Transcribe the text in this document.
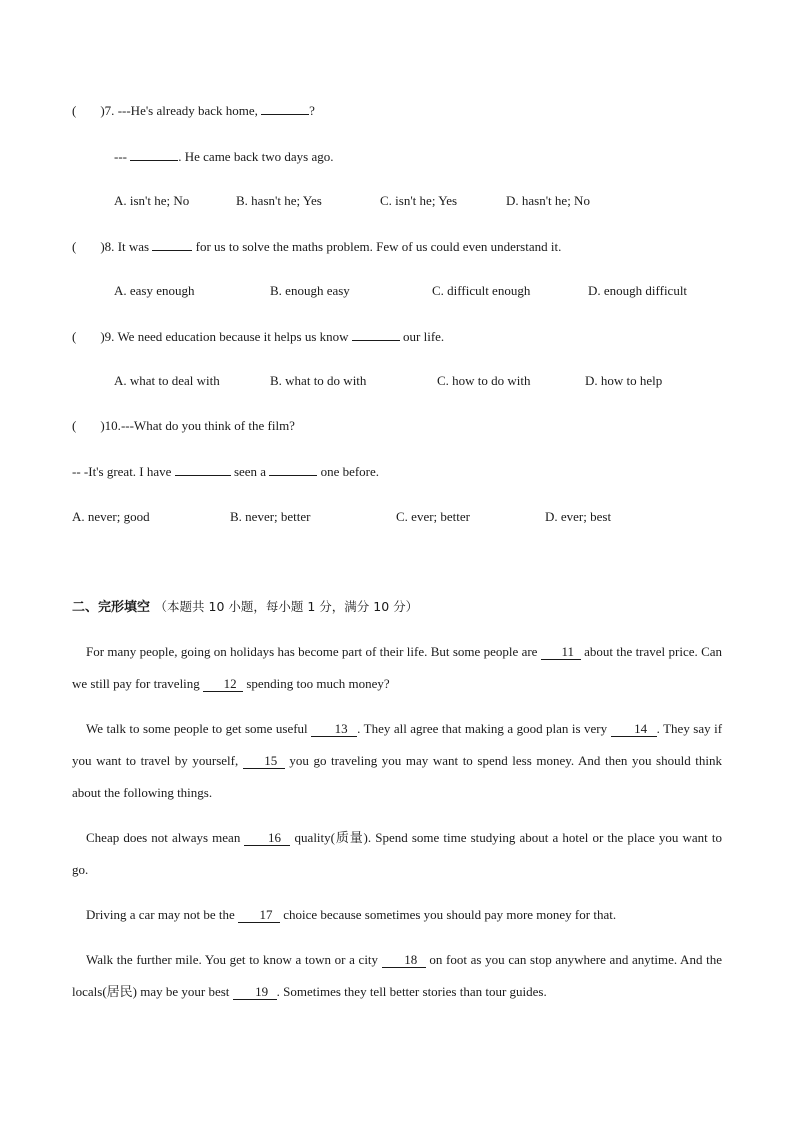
( )7. ---He's already back home,	?
---	. He came back two days ago.
A. isn't he; No	B. hasn't he; Yes	C. isn't he; Yes	D. hasn't he; No
( )8. It was	for us to solve the maths problem. Few of us could even understand it.
A. easy enough	B. enough easy	C. difficult enough	D. enough difficult
( )9. We need education because it helps us know	our life.
A. what to deal with	B. what to do with	C. how to do with	D. how to help
( )10.---What do you think of the film?
-- -It's great. I have	seen a	one before.
A. never; good	B. never; better	C. ever; better	D. ever; best
二、完形填空 （本题共 10 小题，每小题 1 分，满分 10 分）
For many people, going on holidays has become part of their life. But some people are 11 about the travel price. Can we still pay for traveling 12 spending too much money?
We talk to some people to get some useful 13 . They all agree that making a good plan is very 14 . They say if you want to travel by yourself, 15 you go traveling you may want to spend less money. And then you should think about the following things.
Cheap does not always mean 16 quality(质量). Spend some time studying about a hotel or the place you want to go.
Driving a car may not be the 17 choice because sometimes you should pay more money for that.
Walk the further mile. You get to know a town or a city 18 on foot as you can stop anywhere and anytime. And the locals(居民) may be your best 19 . Sometimes they tell better stories than tour guides.
